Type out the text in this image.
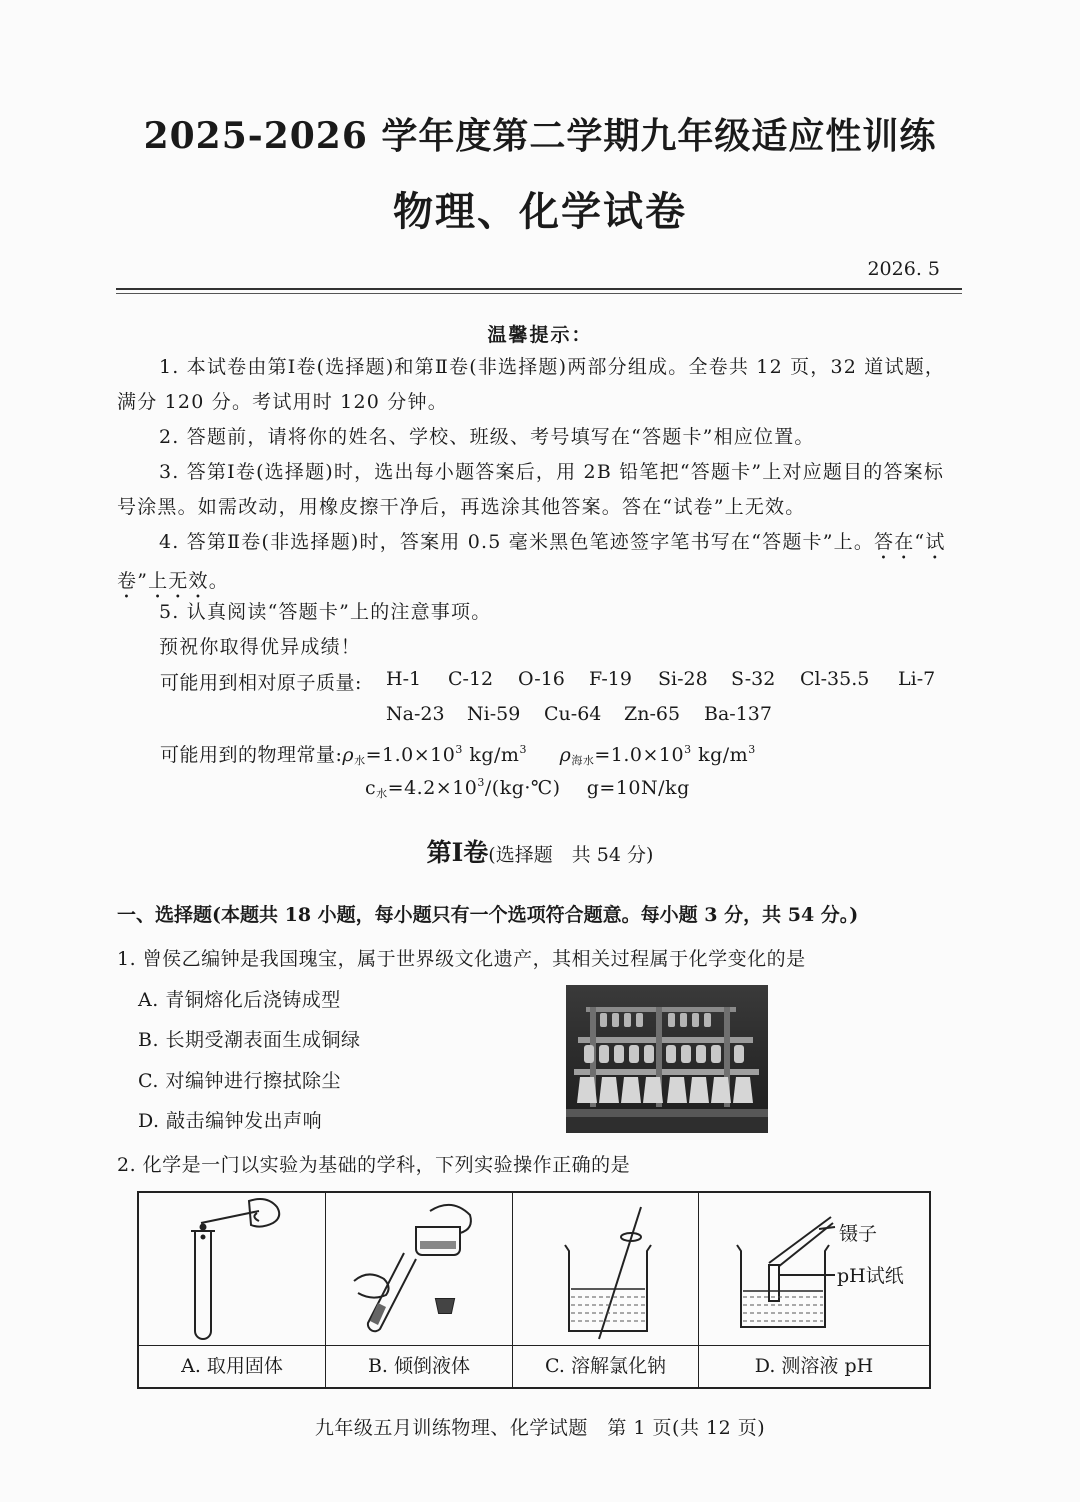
2025-2026 学年度第二学期九年级适应性训练
物理、化学试卷
2026. 5
温馨提示：
1. 本试卷由第Ⅰ卷(选择题)和第Ⅱ卷(非选择题)两部分组成。全卷共 12 页，32 道试题，满分 120 分。考试用时 120 分钟。
2. 答题前，请将你的姓名、学校、班级、考号填写在“答题卡”相应位置。
3. 答第Ⅰ卷(选择题)时，选出每小题答案后，用 2B 铅笔把“答题卡”上对应题目的答案标号涂黑。如需改动，用橡皮擦干净后，再选涂其他答案。答在“试卷”上无效。
4. 答第Ⅱ卷(非选择题)时，答案用 0.5 毫米黑色笔迹签字笔书写在“答题卡”上。答在“试卷”上无效。
5. 认真阅读“答题卡”上的注意事项。
预祝你取得优异成绩！
可能用到相对原子质量: H-1 C-12 O-16 F-19 Si-28 S-32 Cl-35.5 Li-7
Na-23 Ni-59 Cu-64 Zn-65 Ba-137
可能用到的物理常量$:\rho_水=1.0\times 10^3$ $kg/m^3$ $\rho_{海水}=1.0\times 10^3$ $kg/m^3$
$c_水=4.2\times 10^3/(kg\cdot℃)$ g=10N/kg
第Ⅰ卷(选择题　共 54 分)
一、选择题(本题共 18 小题，每小题只有一个选项符合题意。每小题 3 分，共 54 分。)
1. 曾侯乙编钟是我国瑰宝，属于世界级文化遗产，其相关过程属于化学变化的是
A. 青铜熔化后浇铸成型
B. 长期受潮表面生成铜绿
C. 对编钟进行擦拭除尘
D. 敲击编钟发出声响
2. 化学是一门以实验为基础的学科，下列实验操作正确的是
A. 取用固体	B. 倾倒液体	C. 溶解氯化钠
镊子
pH试纸
D. 测溶液 pH
九年级五月训练物理、化学试题　第 1 页(共 12 页)
